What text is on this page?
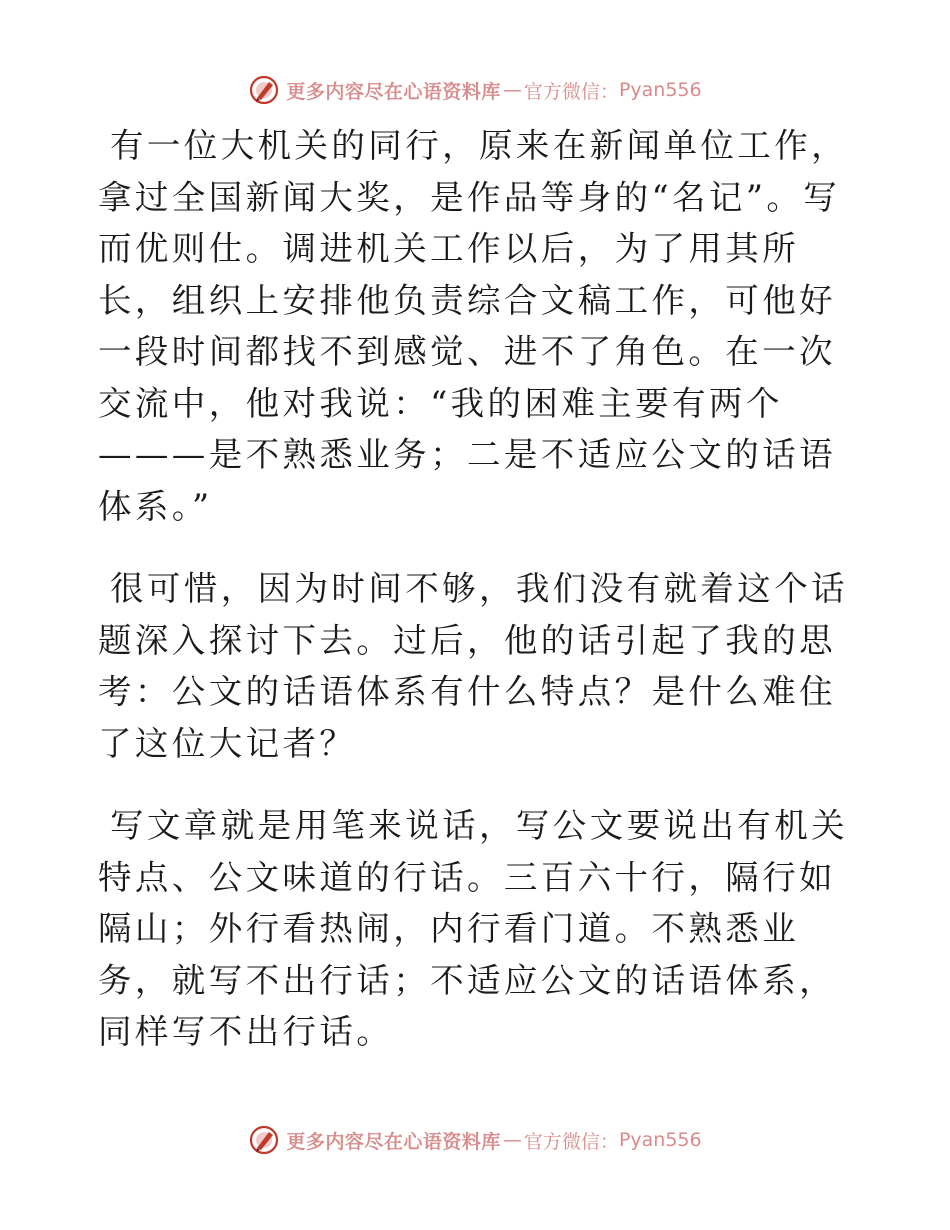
更多内容尽在心语资料库 — 官方微信： Pyan556

有一位大机关的同行，原来在新闻单位工作，拿过全国新闻大奖，是作品等身的“名记”。写而优则仕。调进机关工作以后，为了用其所长，组织上安排他负责综合文稿工作，可他好一段时间都找不到感觉、进不了角色。在一次交流中，他对我说：“我的困难主要有两个———是不熟悉业务；二是不适应公文的话语体系。”

很可惜，因为时间不够，我们没有就着这个话题深入探讨下去。过后，他的话引起了我的思考：公文的话语体系有什么特点？是什么难住了这位大记者？

写文章就是用笔来说话，写公文要说出有机关特点、公文味道的行话。三百六十行，隔行如隔山；外行看热闹，内行看门道。不熟悉业务，就写不出行话；不适应公文的话语体系，同样写不出行话。

更多内容尽在心语资料库 — 官方微信： Pyan556
